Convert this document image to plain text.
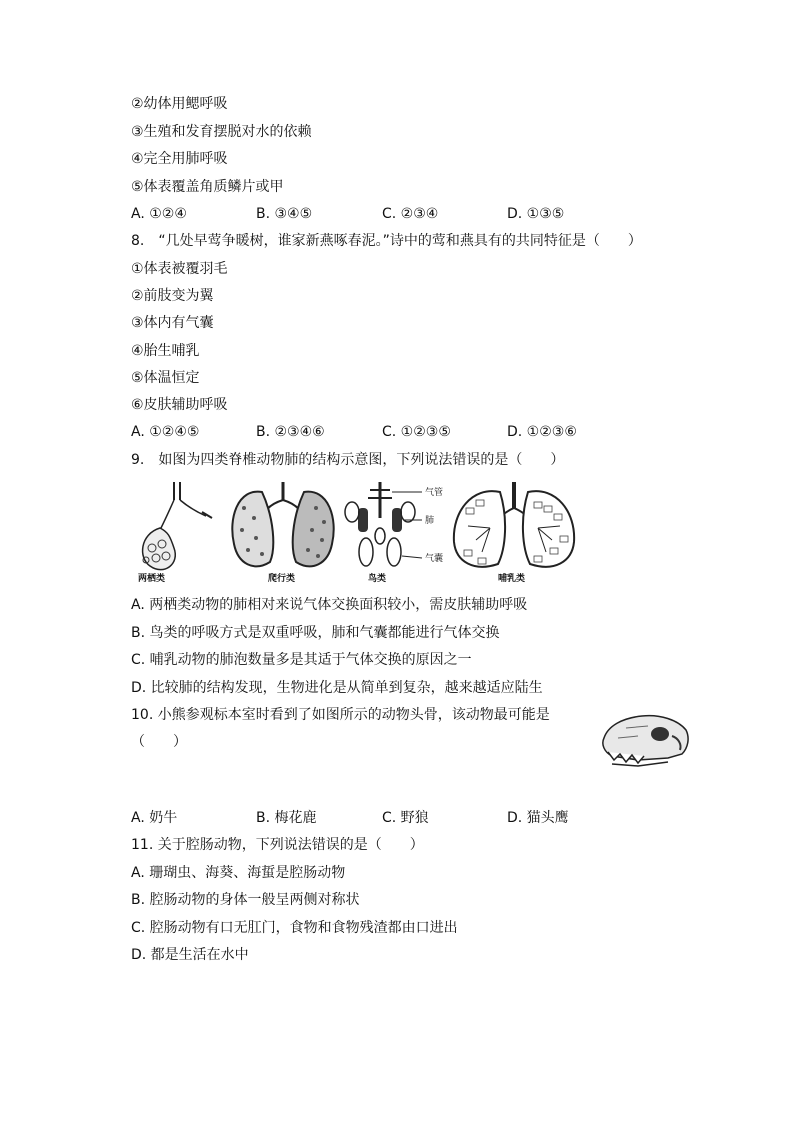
②幼体用鳃呼吸
③生殖和发育摆脱对水的依赖
④完全用肺呼吸
⑤体表覆盖角质鳞片或甲
A. ①②④	B. ③④⑤	C. ②③④	D. ①③⑤
8.　“几处早莺争暖树，谁家新燕啄春泥。”诗中的莺和燕具有的共同特征是（　　）
①体表被覆羽毛
②前肢变为翼
③体内有气囊
④胎生哺乳
⑤体温恒定
⑥皮肤辅助呼吸
A. ①②④⑤	B. ②③④⑥	C. ①②③⑤	D. ①②③⑥
9.　如图为四类脊椎动物肺的结构示意图，下列说法错误的是（　　）
两栖类	爬行类
气管
肺
气囊
鸟类	哺乳类
A. 两栖类动物的肺相对来说气体交换面积较小，需皮肤辅助呼吸
B. 鸟类的呼吸方式是双重呼吸，肺和气囊都能进行气体交换
C. 哺乳动物的肺泡数量多是其适于气体交换的原因之一
D. 比较肺的结构发现，生物进化是从简单到复杂，越来越适应陆生
10. 小熊参观标本室时看到了如图所示的动物头骨，该动物最可能是
（　　）
A. 奶牛	B. 梅花鹿	C. 野狼	D. 猫头鹰
11. 关于腔肠动物，下列说法错误的是（　　）
A. 珊瑚虫、海葵、海蜇是腔肠动物
B. 腔肠动物的身体一般呈两侧对称状
C. 腔肠动物有口无肛门，食物和食物残渣都由口进出
D. 都是生活在水中
